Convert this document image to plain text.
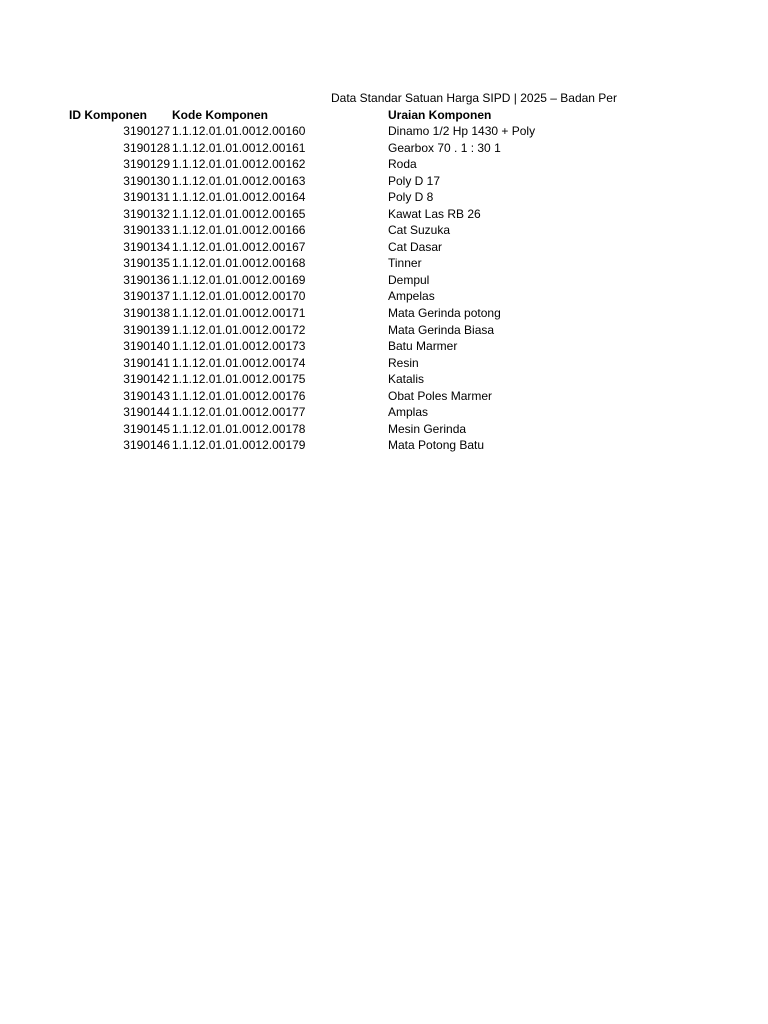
Data Standar Satuan Harga SIPD | 2025 – Badan Per
ID Komponen Kode Komponen	Uraian Komponen
3190127 1.1.12.01.01.0012.00160	Dinamo 1/2 Hp 1430 + Poly
3190128 1.1.12.01.01.0012.00161	Gearbox 70 . 1 : 30 1
3190129 1.1.12.01.01.0012.00162	Roda
3190130 1.1.12.01.01.0012.00163	Poly D 17
3190131 1.1.12.01.01.0012.00164	Poly D 8
3190132 1.1.12.01.01.0012.00165	Kawat Las RB 26
3190133 1.1.12.01.01.0012.00166	Cat Suzuka
3190134 1.1.12.01.01.0012.00167	Cat Dasar
3190135 1.1.12.01.01.0012.00168	Tinner
3190136 1.1.12.01.01.0012.00169	Dempul
3190137 1.1.12.01.01.0012.00170	Ampelas
3190138 1.1.12.01.01.0012.00171	Mata Gerinda potong
3190139 1.1.12.01.01.0012.00172	Mata Gerinda Biasa
3190140 1.1.12.01.01.0012.00173	Batu Marmer
3190141 1.1.12.01.01.0012.00174	Resin
3190142 1.1.12.01.01.0012.00175	Katalis
3190143 1.1.12.01.01.0012.00176	Obat Poles Marmer
3190144 1.1.12.01.01.0012.00177	Amplas
3190145 1.1.12.01.01.0012.00178	Mesin Gerinda
3190146 1.1.12.01.01.0012.00179	Mata Potong Batu
